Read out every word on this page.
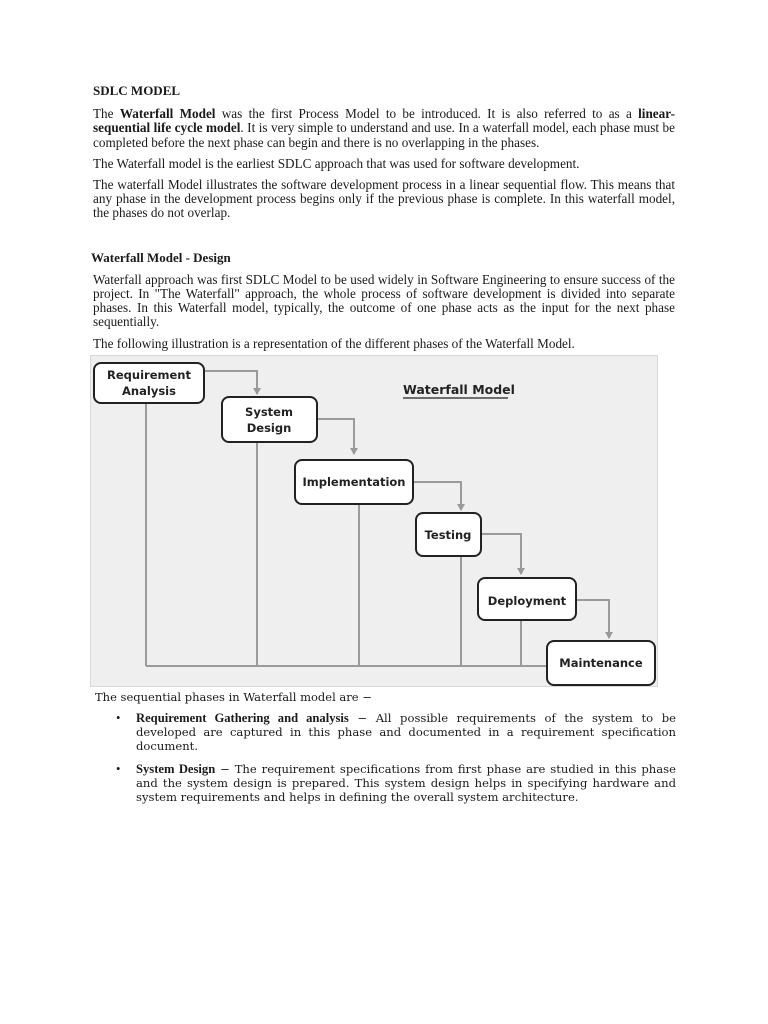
SDLC MODEL

The Waterfall Model was the first Process Model to be introduced. It is also referred to as a linear-sequential life cycle model. It is very simple to understand and use. In a waterfall model, each phase must be completed before the next phase can begin and there is no overlapping in the phases.

The Waterfall model is the earliest SDLC approach that was used for software development.

The waterfall Model illustrates the software development process in a linear sequential flow. This means that any phase in the development process begins only if the previous phase is complete. In this waterfall model, the phases do not overlap.

Waterfall Model - Design

Waterfall approach was first SDLC Model to be used widely in Software Engineering to ensure success of the project. In "The Waterfall" approach, the whole process of software development is divided into separate phases. In this Waterfall model, typically, the outcome of one phase acts as the input for the next phase sequentially.

The following illustration is a representation of the different phases of the Waterfall Model.

Requirement
Analysis
System
Design
Implementation
Testing
Deployment
Maintenance
Waterfall Model
The sequential phases in Waterfall model are −
• Requirement Gathering and analysis − All possible requirements of the system to be developed are captured in this phase and documented in a requirement specification document.
• System Design − The requirement specifications from first phase are studied in this phase and the system design is prepared. This system design helps in specifying hardware and system requirements and helps in defining the overall system architecture.
